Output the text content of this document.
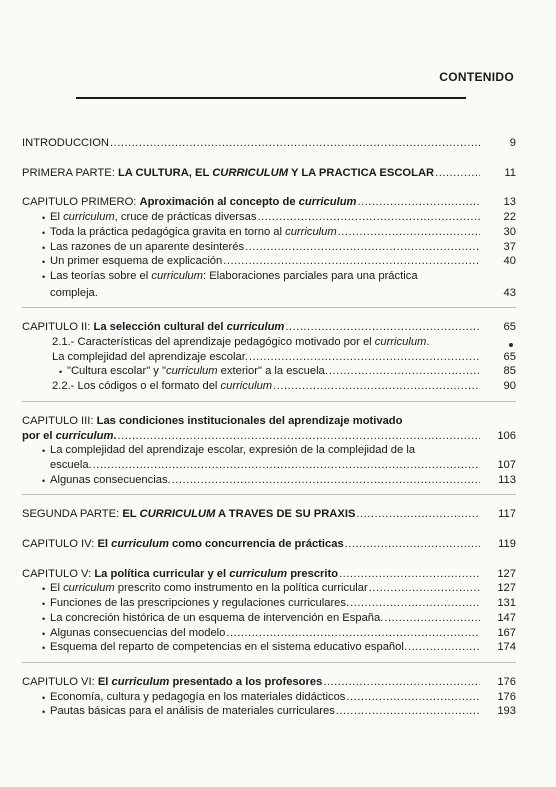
CONTENIDO
INTRODUCCION .....	9
PRIMERA PARTE: LA CULTURA, EL CURRICULUM Y LA PRACTICA ESCOLAR .....	11
CAPITULO PRIMERO: Aproximación al concepto de curriculum .....	13
• El curriculum, cruce de prácticas diversas .....	22
• Toda la práctica pedagógica gravita en torno al curriculum .....	30
• Las razones de un aparente desinterés .....	37
• Un primer esquema de explicación .....	40
• Las teorías sobre el curriculum: Elaboraciones parciales para una práctica
compleja.	43
CAPITULO II: La selección cultural del curriculum .....	65
2.1.- Características del aprendizaje pedagógico motivado por el curriculum.
La complejidad del aprendizaje escolar. .....	65
• "Cultura escolar" y "curriculum exterior" a la escuela. .....	85
2.2.- Los códigos o el formato del curriculum .....	90
CAPITULO III: Las condiciones institucionales del aprendizaje motivado
por el curriculum. .....	106
• La complejidad del aprendizaje escolar, expresión de la complejidad de la
escuela. .....	107
• Algunas consecuencias. .....	113
SEGUNDA PARTE: EL CURRICULUM A TRAVES DE SU PRAXIS .....	117
CAPITULO IV: El curriculum como concurrencia de prácticas .....	119
CAPITULO V: La política curricular y el curriculum prescrito .....	127
• El curriculum prescrito como instrumento en la política curricular .....	127
• Funciones de las prescripciones y regulaciones curriculares. .....	131
• La concreción histórica de un esquema de intervención en España. .....	147
• Algunas consecuencias del modelo .....	167
• Esquema del reparto de competencias en el sistema educativo español. .....	174
CAPITULO VI: El curriculum presentado a los profesores .....	176
• Economía, cultura y pedagogía en los materiales didácticos .....	176
• Pautas básicas para el análisis de materiales curriculares .....	193
